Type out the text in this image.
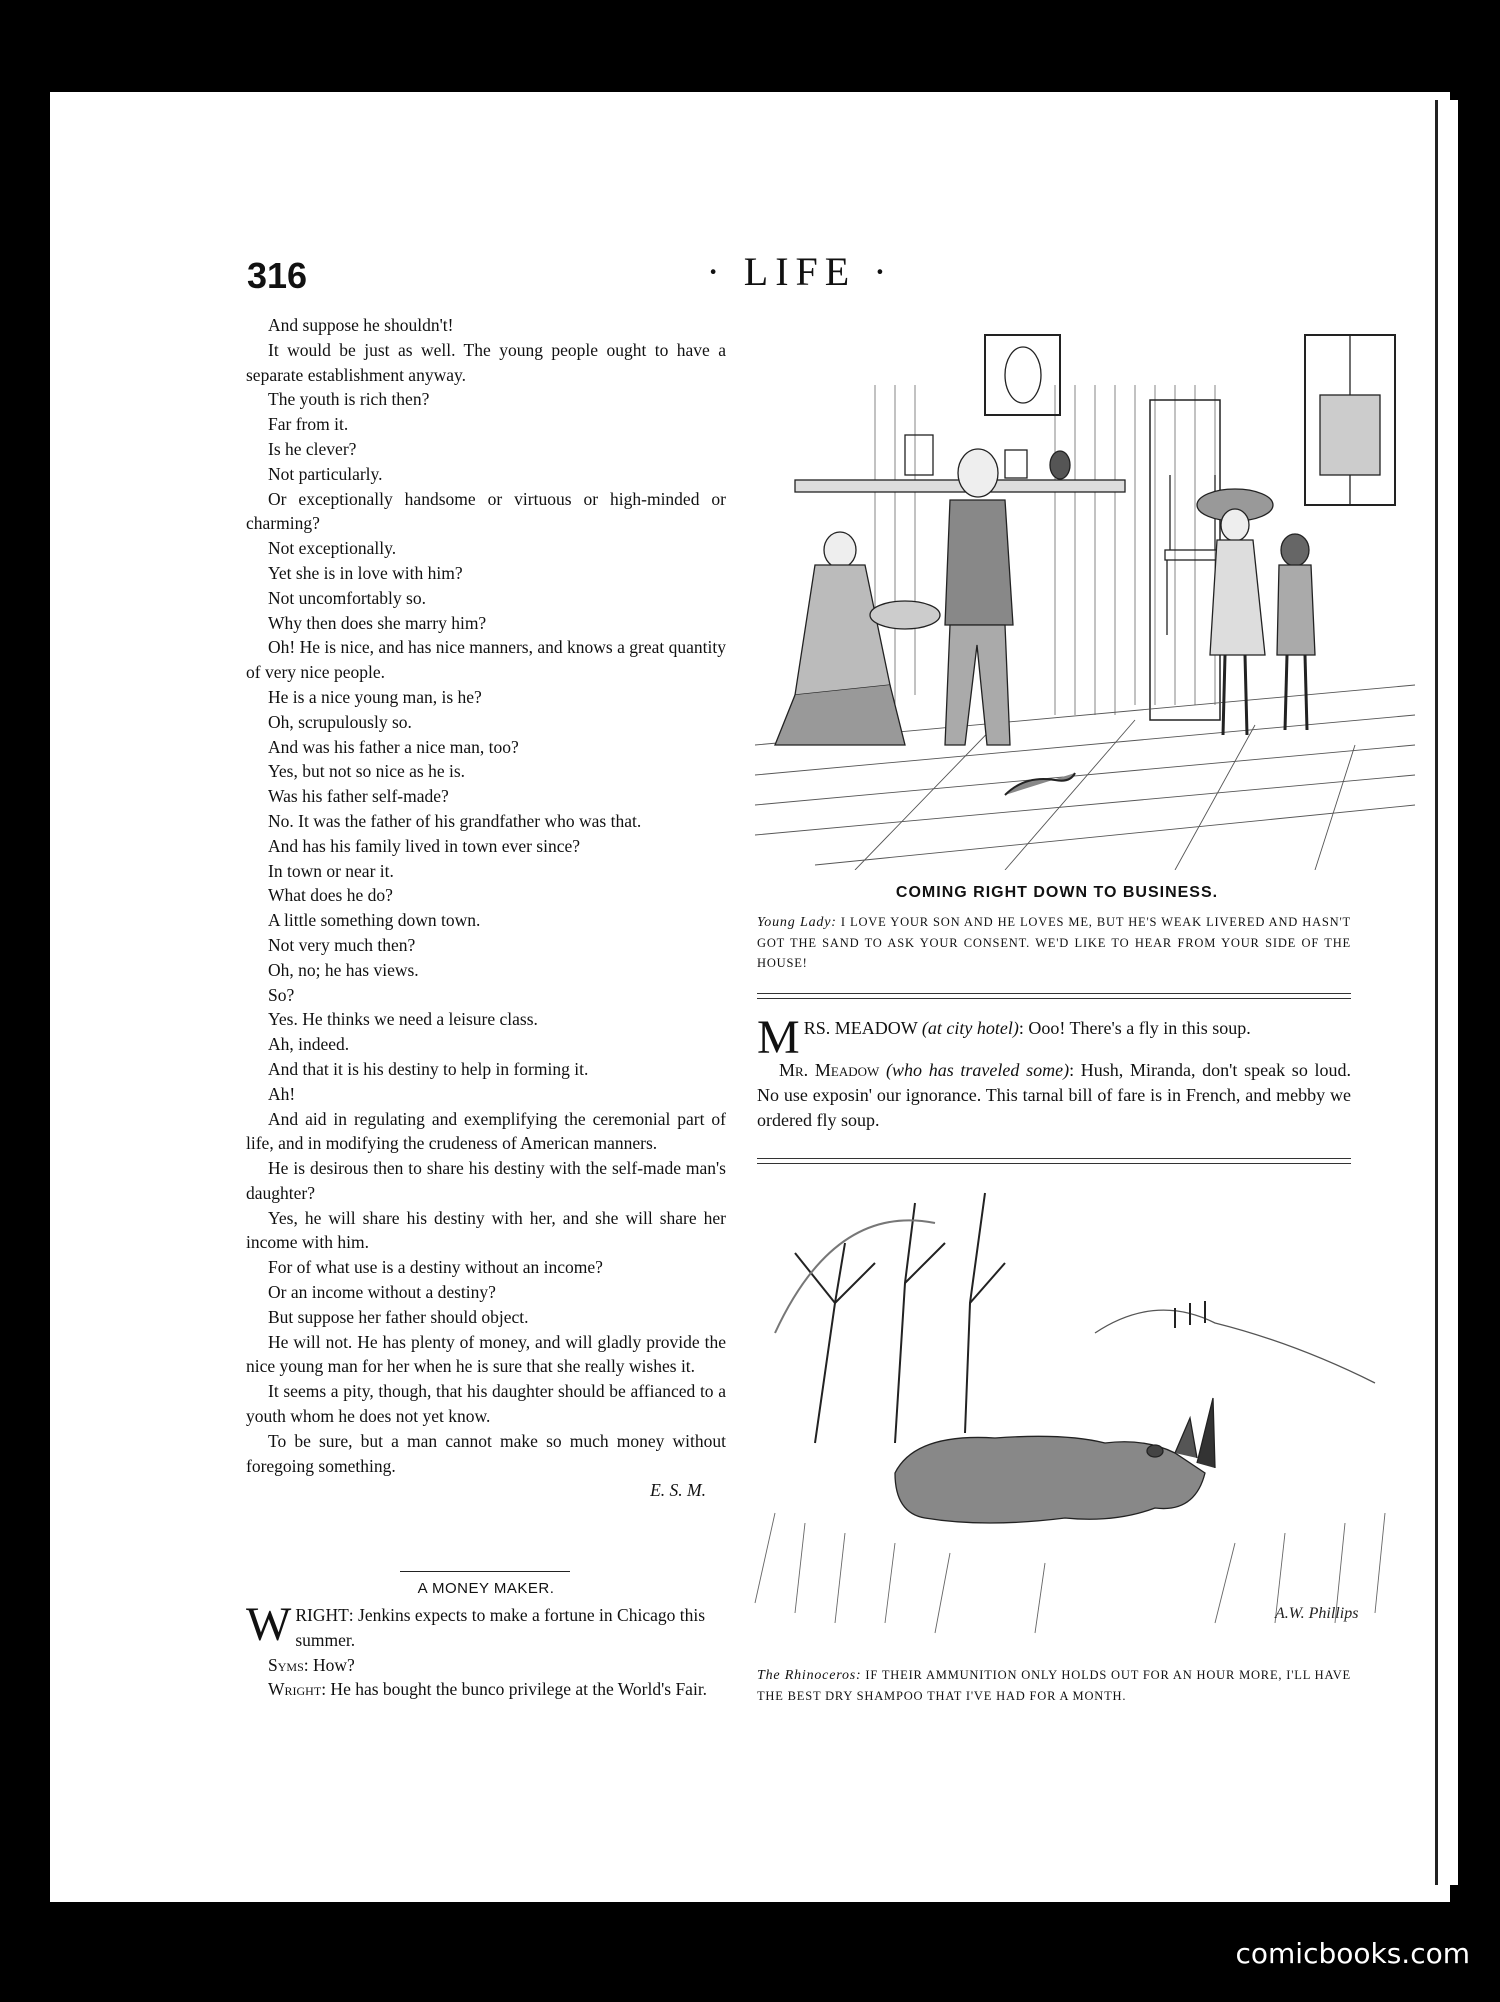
316	· LIFE ·
And suppose he shouldn't!
It would be just as well. The young people ought to have a separate establishment anyway.
The youth is rich then?
Far from it.
Is he clever?
Not particularly.
Or exceptionally handsome or virtuous or high-minded or charming?
Not exceptionally.
Yet she is in love with him?
Not uncomfortably so.
Why then does she marry him?
Oh! He is nice, and has nice manners, and knows a great quantity of very nice people.
He is a nice young man, is he?
Oh, scrupulously so.
And was his father a nice man, too?
Yes, but not so nice as he is.
Was his father self-made?
No. It was the father of his grandfather who was that.
And has his family lived in town ever since?
In town or near it.
What does he do?
A little something down town.
Not very much then?
Oh, no; he has views.
So?
Yes. He thinks we need a leisure class.
Ah, indeed.
And that it is his destiny to help in forming it.
Ah!
And aid in regulating and exemplifying the ceremonial part of life, and in modifying the crudeness of American manners.
He is desirous then to share his destiny with the self-made man's daughter?
Yes, he will share his destiny with her, and she will share her income with him.
For of what use is a destiny without an income?
Or an income without a destiny?
But suppose her father should object.
He will not. He has plenty of money, and will gladly provide the nice young man for her when he is sure that she really wishes it.
It seems a pity, though, that his daughter should be affianced to a youth whom he does not yet know.
To be sure, but a man cannot make so much money without foregoing something.
E. S. M.
A MONEY MAKER.
W RIGHT: Jenkins expects to make a fortune in Chicago this summer.
Syms: How?
Wright: He has bought the bunco privilege at the World's Fair.
COMING RIGHT DOWN TO BUSINESS.
Young Lady: I LOVE YOUR SON AND HE LOVES ME, BUT HE'S WEAK LIVERED AND HASN'T GOT THE SAND TO ASK YOUR CONSENT. WE'D LIKE TO HEAR FROM YOUR SIDE OF THE HOUSE!
M RS. MEADOW (at city hotel): Ooo! There's a fly in this soup.
Mr. Meadow (who has traveled some): Hush, Miranda, don't speak so loud. No use exposin' our ignorance. This tarnal bill of fare is in French, and mebby we ordered fly soup.
A.W. Phillips
The Rhinoceros: IF THEIR AMMUNITION ONLY HOLDS OUT FOR AN HOUR MORE, I'LL HAVE THE BEST DRY SHAMPOO THAT I'VE HAD FOR A MONTH.
comicbooks.com
